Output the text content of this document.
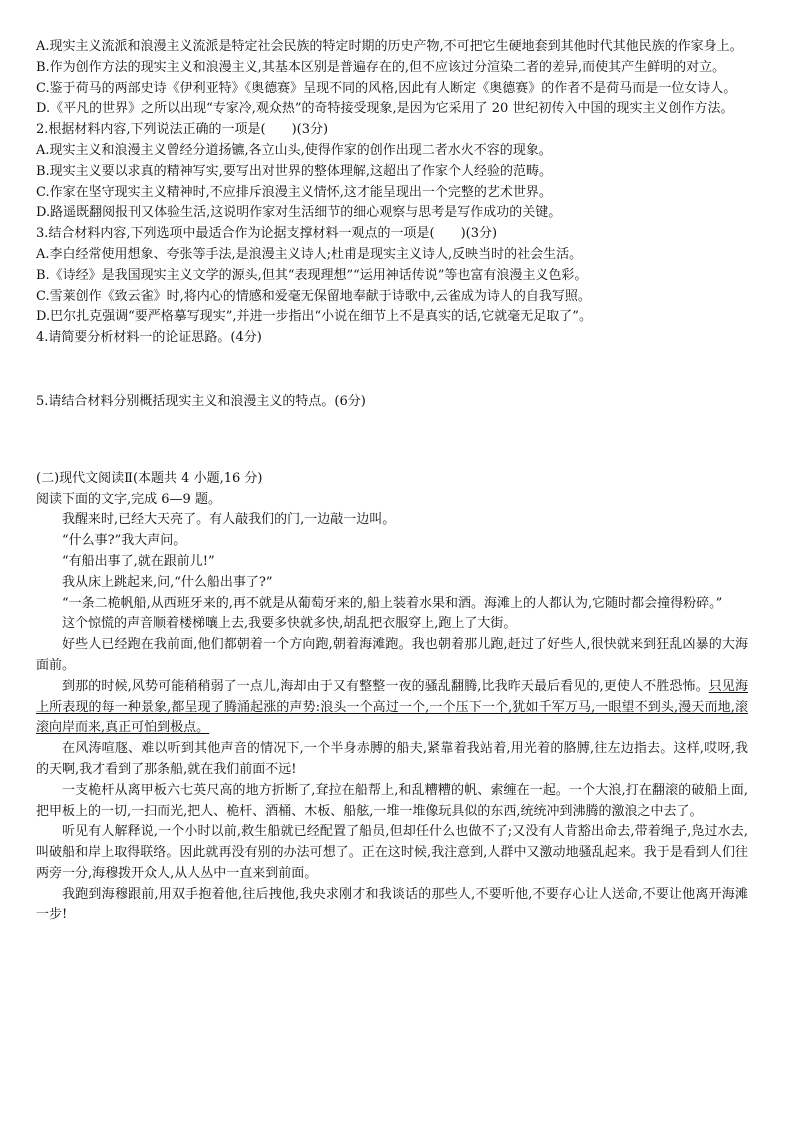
A.现实主义流派和浪漫主义流派是特定社会民族的特定时期的历史产物,不可把它生硬地套到其他时代其他民族的作家身上。

B.作为创作方法的现实主义和浪漫主义,其基本区别是普遍存在的,但不应该过分渲染二者的差异,而使其产生鲜明的对立。

C.鉴于荷马的两部史诗《伊利亚特》《奥德赛》呈现不同的风格,因此有人断定《奥德赛》的作者不是荷马而是一位女诗人。

D.《平凡的世界》之所以出现“专家冷,观众热”的奇特接受现象,是因为它采用了 20 世纪初传入中国的现实主义创作方法。

2.根据材料内容,下列说法正确的一项是(　　)(3分)

A.现实主义和浪漫主义曾经分道扬镳,各立山头,使得作家的创作出现二者水火不容的现象。

B.现实主义要以求真的精神写实,要写出对世界的整体理解,这超出了作家个人经验的范畴。

C.作家在坚守现实主义精神时,不应排斥浪漫主义情怀,这才能呈现出一个完整的艺术世界。

D.路遥既翻阅报刊又体验生活,这说明作家对生活细节的细心观察与思考是写作成功的关键。

3.结合材料内容,下列选项中最适合作为论据支撑材料一观点的一项是(　　)(3分)

A.李白经常使用想象、夸张等手法,是浪漫主义诗人;杜甫是现实主义诗人,反映当时的社会生活。

B.《诗经》是我国现实主义文学的源头,但其“表现理想”“运用神话传说”等也富有浪漫主义色彩。

C.雪莱创作《致云雀》时,将内心的情感和爱毫无保留地奉献于诗歌中,云雀成为诗人的自我写照。

D.巴尔扎克强调“要严格摹写现实”,并进一步指出“小说在细节上不是真实的话,它就毫无足取了”。

4.请简要分析材料一的论证思路。(4分)

5.请结合材料分别概括现实主义和浪漫主义的特点。(6分)

(二)现代文阅读Ⅱ(本题共 4 小题,16 分)

阅读下面的文字,完成 6—9 题。

我醒来时,已经大天亮了。有人敲我们的门,一边敲一边叫。

“什么事?”我大声问。

“有船出事了,就在跟前儿!”

我从床上跳起来,问,“什么船出事了?”

“一条二桅帆船,从西班牙来的,再不就是从葡萄牙来的,船上装着水果和酒。海滩上的人都认为,它随时都会撞得粉碎。”

这个惊慌的声音顺着楼梯嚷上去,我要多快就多快,胡乱把衣服穿上,跑上了大街。

好些人已经跑在我前面,他们都朝着一个方向跑,朝着海滩跑。我也朝着那儿跑,赶过了好些人,很快就来到狂乱凶暴的大海面前。

到那的时候,风势可能稍稍弱了一点儿,海却由于又有整整一夜的骚乱翻腾,比我昨天最后看见的,更使人不胜恐怖。只见海上所表现的每一种景象,都呈现了腾涌起涨的声势:浪头一个高过一个,一个压下一个,犹如千军万马,一眼望不到头,漫天而地,滚滚向岸而来,真正可怕到极点。

在风涛喧豗、难以听到其他声音的情况下,一个半身赤膊的船夫,紧靠着我站着,用光着的胳膊,往左边指去。这样,哎呀,我的天啊,我才看到了那条船,就在我们前面不远!

一支桅杆从离甲板六七英尺高的地方折断了,耷拉在船帮上,和乱糟糟的帆、索缠在一起。一个大浪,打在翻滚的破船上面,把甲板上的一切,一扫而光,把人、桅杆、酒桶、木板、船舷,一堆一堆像玩具似的东西,统统冲到沸腾的激浪之中去了。

听见有人解释说,一个小时以前,救生船就已经配置了船员,但却任什么也做不了;又没有人肯豁出命去,带着绳子,凫过水去,叫破船和岸上取得联络。因此就再没有别的办法可想了。正在这时候,我注意到,人群中又激动地骚乱起来。我于是看到人们往两旁一分,海穆拨开众人,从人丛中一直来到前面。

我跑到海穆跟前,用双手抱着他,往后拽他,我央求刚才和我谈话的那些人,不要听他,不要存心让人送命,不要让他离开海滩一步!
